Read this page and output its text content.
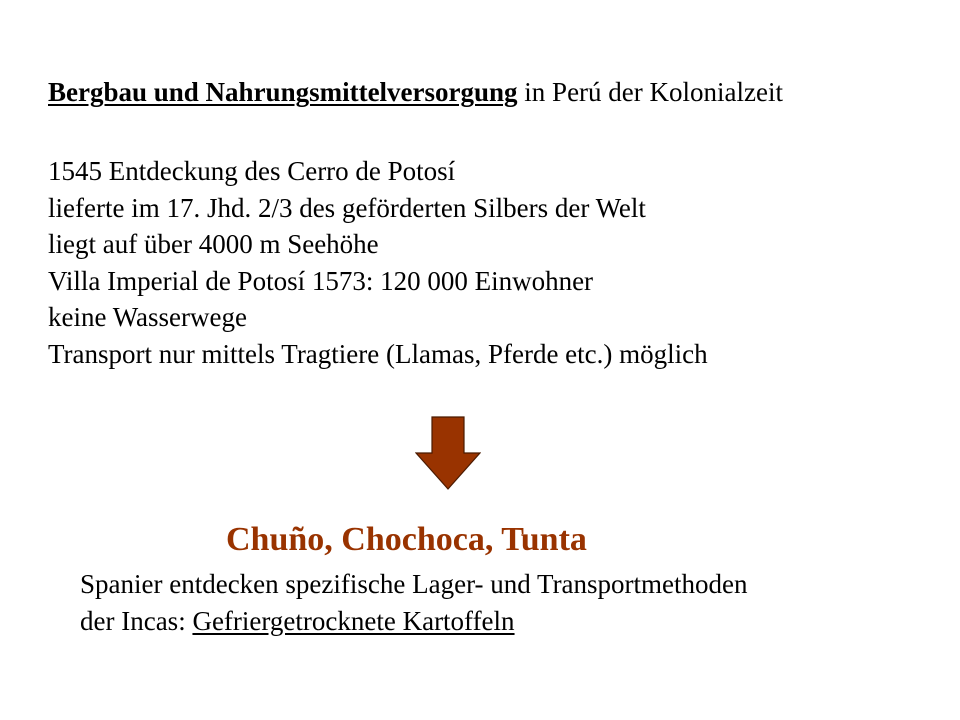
Bergbau und Nahrungsmittelversorgung in Perú der Kolonialzeit
1545 Entdeckung des Cerro de Potosí
lieferte im 17. Jhd. 2/3 des geförderten Silbers der Welt
liegt auf über 4000 m Seehöhe
Villa Imperial de Potosí 1573: 120 000 Einwohner
keine Wasserwege
Transport nur mittels Tragtiere (Llamas, Pferde etc.) möglich
Chuño, Chochoca, Tunta
Spanier entdecken spezifische Lager- und Transportmethoden
der Incas: Gefriergetrocknete Kartoffeln
